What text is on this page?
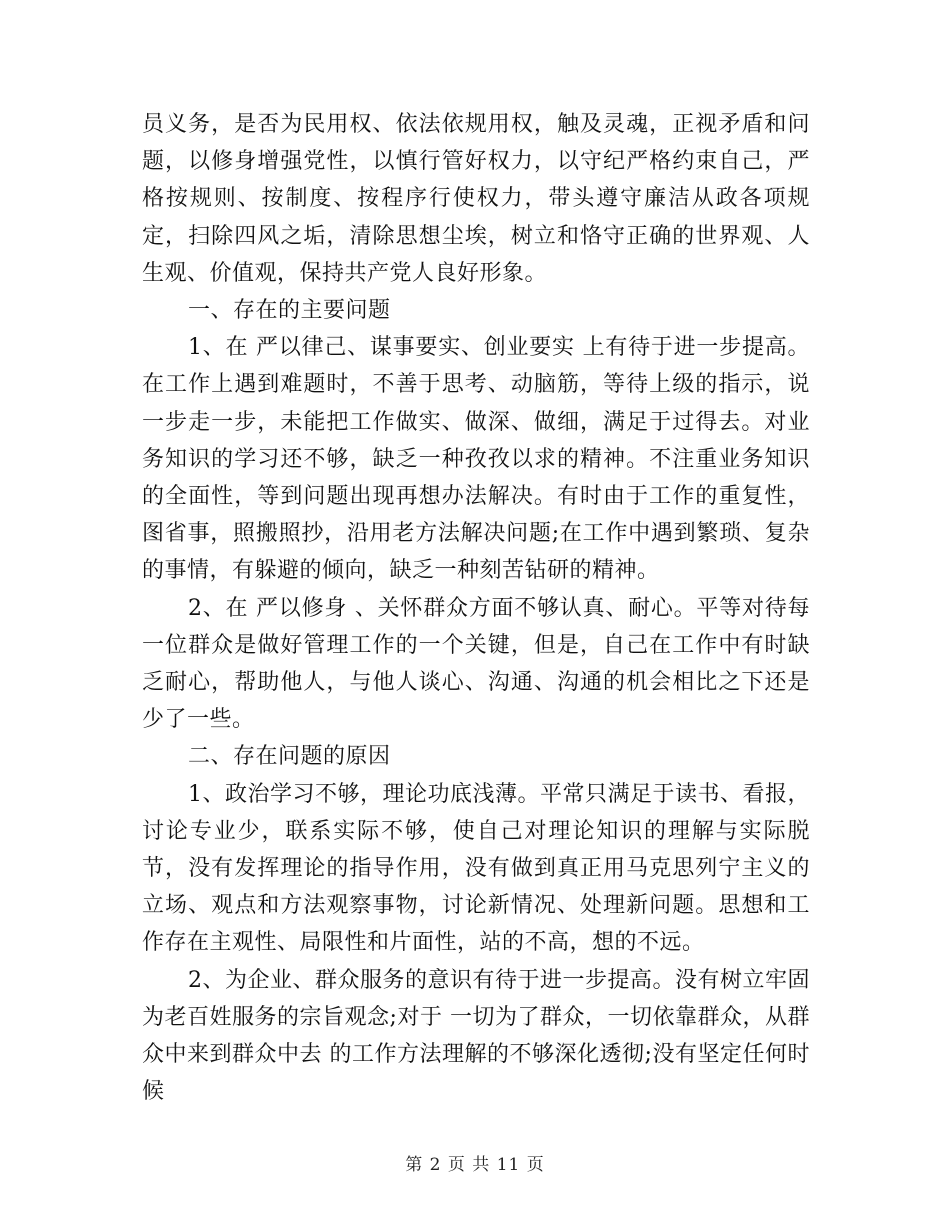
员义务，是否为民用权、依法依规用权，触及灵魂，正视矛盾和问题，以修身增强党性，以慎行管好权力，以守纪严格约束自己，严格按规则、按制度、按程序行使权力，带头遵守廉洁从政各项规定，扫除四风之垢，清除思想尘埃，树立和恪守正确的世界观、人生观、价值观，保持共产党人良好形象。

一、存在的主要问题

1、在 严以律己、谋事要实、创业要实 上有待于进一步提高。在工作上遇到难题时，不善于思考、动脑筋，等待上级的指示，说一步走一步，未能把工作做实、做深、做细，满足于过得去。对业务知识的学习还不够，缺乏一种孜孜以求的精神。不注重业务知识的全面性，等到问题出现再想办法解决。有时由于工作的重复性，图省事，照搬照抄，沿用老方法解决问题;在工作中遇到繁琐、复杂的事情，有躲避的倾向，缺乏一种刻苦钻研的精神。

2、在 严以修身 、关怀群众方面不够认真、耐心。平等对待每一位群众是做好管理工作的一个关键，但是，自己在工作中有时缺乏耐心，帮助他人，与他人谈心、沟通、沟通的机会相比之下还是少了一些。

二、存在问题的原因

1、政治学习不够，理论功底浅薄。平常只满足于读书、看报，讨论专业少，联系实际不够，使自己对理论知识的理解与实际脱节，没有发挥理论的指导作用，没有做到真正用马克思列宁主义的立场、观点和方法观察事物，讨论新情况、处理新问题。思想和工作存在主观性、局限性和片面性，站的不高，想的不远。

2、为企业、群众服务的意识有待于进一步提高。没有树立牢固为老百姓服务的宗旨观念;对于 一切为了群众，一切依靠群众，从群众中来到群众中去 的工作方法理解的不够深化透彻;没有坚定任何时候

第 2 页 共 11 页
